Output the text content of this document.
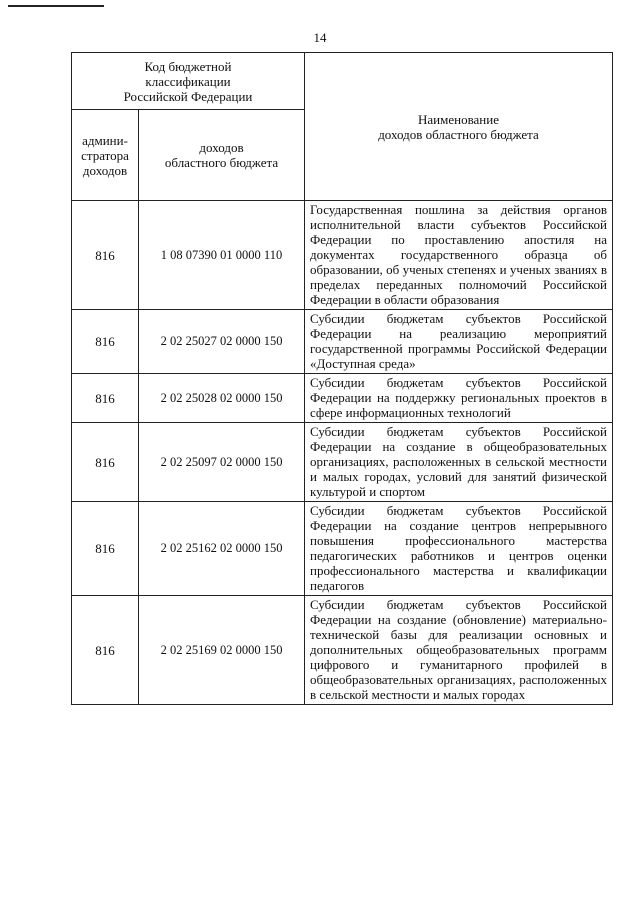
14
Код бюджетной
классификации
Российской Федерации		Наименование
доходов областного бюджета

админи-
стратора
доходов	доходов
областного бюджета	

816	1 08 07390 01 0000 110	Государственная пошлина за действия органов исполнительной власти субъектов Российской Федерации по проставлению апостиля на документах государственного образца об образовании, об ученых степенях и ученых званиях в пределах переданных полномочий Российской Федерации в области образования
816	2 02 25027 02 0000 150	Субсидии бюджетам субъектов Российской Федерации на реализацию мероприятий государственной программы Российской Федерации «Доступная среда»
816	2 02 25028 02 0000 150	Субсидии бюджетам субъектов Российской Федерации на поддержку региональных проектов в сфере информационных технологий
816	2 02 25097 02 0000 150	Субсидии бюджетам субъектов Российской Федерации на создание в общеобразовательных организациях, расположенных в сельской местности и малых городах, условий для занятий физической культурой и спортом
816	2 02 25162 02 0000 150	Субсидии бюджетам субъектов Российской Федерации на создание центров непрерывного повышения профессионального мастерства педагогических работников и центров оценки профессионального мастерства и квалификации педагогов
816	2 02 25169 02 0000 150	Субсидии бюджетам субъектов Российской Федерации на создание (обновление) материально-технической базы для реализации основных и дополнительных общеобразовательных программ цифрового и гуманитарного профилей в общеобразовательных организациях, расположенных в сельской местности и малых городах
